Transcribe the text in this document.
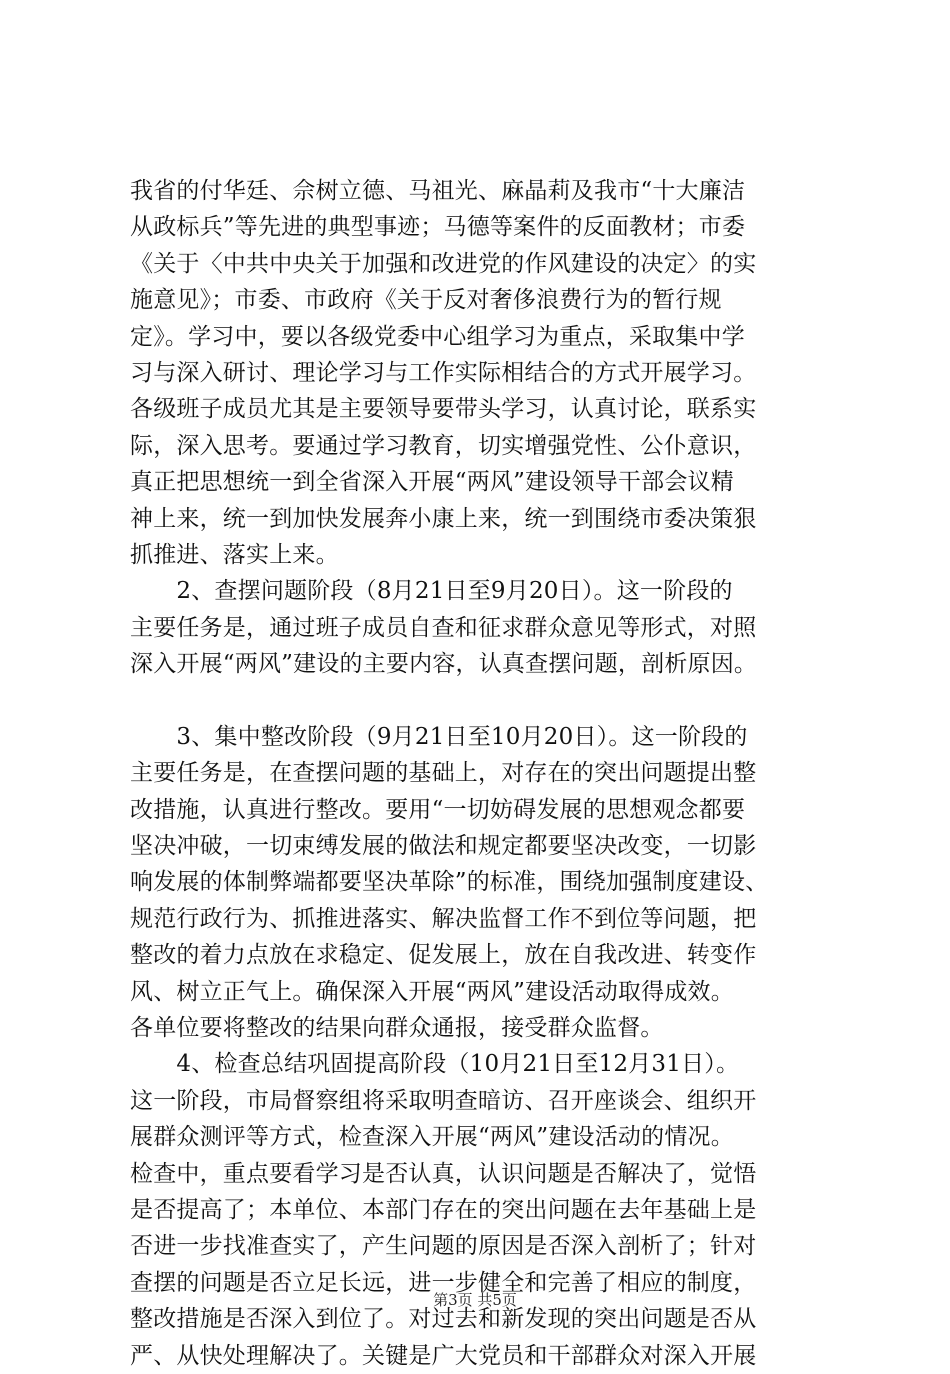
我省的付华廷、佘树立德、马祖光、麻晶莉及我市“十大廉洁
从政标兵”等先进的典型事迹；马德等案件的反面教材；市委
《关于〈中共中央关于加强和改进党的作风建设的决定〉的实
施意见》；市委、市政府《关于反对奢侈浪费行为的暂行规
定》。学习中，要以各级党委中心组学习为重点，采取集中学
习与深入研讨、理论学习与工作实际相结合的方式开展学习。
各级班子成员尤其是主要领导要带头学习，认真讨论，联系实
际，深入思考。要通过学习教育，切实增强党性、公仆意识，
真正把思想统一到全省深入开展“两风”建设领导干部会议精
神上来，统一到加快发展奔小康上来，统一到围绕市委决策狠
抓推进、落实上来。
　　2、查摆问题阶段（8月21日至9月20日）。这一阶段的
主要任务是，通过班子成员自查和征求群众意见等形式，对照
深入开展“两风”建设的主要内容，认真查摆问题，剖析原因。
　　3、集中整改阶段（9月21日至10月20日）。这一阶段的
主要任务是，在查摆问题的基础上，对存在的突出问题提出整
改措施，认真进行整改。要用“一切妨碍发展的思想观念都要
坚决冲破，一切束缚发展的做法和规定都要坚决改变，一切影
响发展的体制弊端都要坚决革除”的标准，围绕加强制度建设、
规范行政行为、抓推进落实、解决监督工作不到位等问题，把
整改的着力点放在求稳定、促发展上，放在自我改进、转变作
风、树立正气上。确保深入开展“两风”建设活动取得成效。
各单位要将整改的结果向群众通报，接受群众监督。
　　4、检查总结巩固提高阶段（10月21日至12月31日）。
这一阶段，市局督察组将采取明查暗访、召开座谈会、组织开
展群众测评等方式，检查深入开展“两风”建设活动的情况。
检查中，重点要看学习是否认真，认识问题是否解决了，觉悟
是否提高了；本单位、本部门存在的突出问题在去年基础上是
否进一步找准查实了，产生问题的原因是否深入剖析了；针对
查摆的问题是否立足长远，进一步健全和完善了相应的制度，
整改措施是否深入到位了。对过去和新发现的突出问题是否从
严、从快处理解决了。关键是广大党员和干部群众对深入开展
第3页 共5页
